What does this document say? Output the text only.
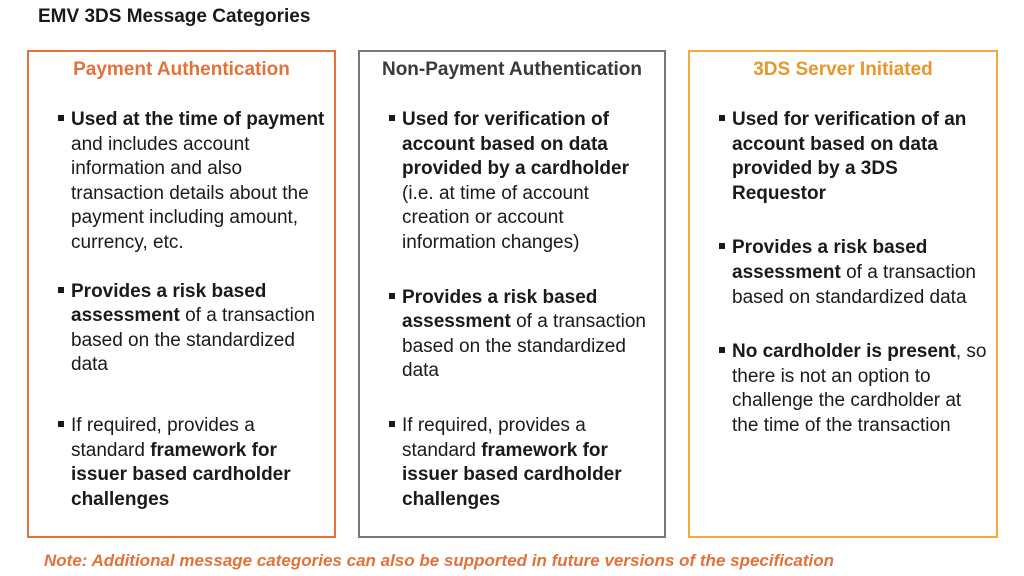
EMV 3DS Message Categories
Payment Authentication
Used at the time of payment and includes account information and also transaction details about the payment including amount, currency, etc.
Provides a risk based assessment of a transaction based on the standardized data
If required, provides a standard framework for issuer based cardholder challenges
Non-Payment Authentication
Used for verification of account based on data provided by a cardholder (i.e. at time of account creation or account information changes)
Provides a risk based assessment of a transaction based on the standardized data
If required, provides a standard framework for issuer based cardholder challenges
3DS Server Initiated
Used for verification of an account based on data provided by a 3DS Requestor
Provides a risk based assessment of a transaction based on standardized data
No cardholder is present, so there is not an option to challenge the cardholder at the time of the transaction
Note: Additional message categories can also be supported in future versions of the specification
